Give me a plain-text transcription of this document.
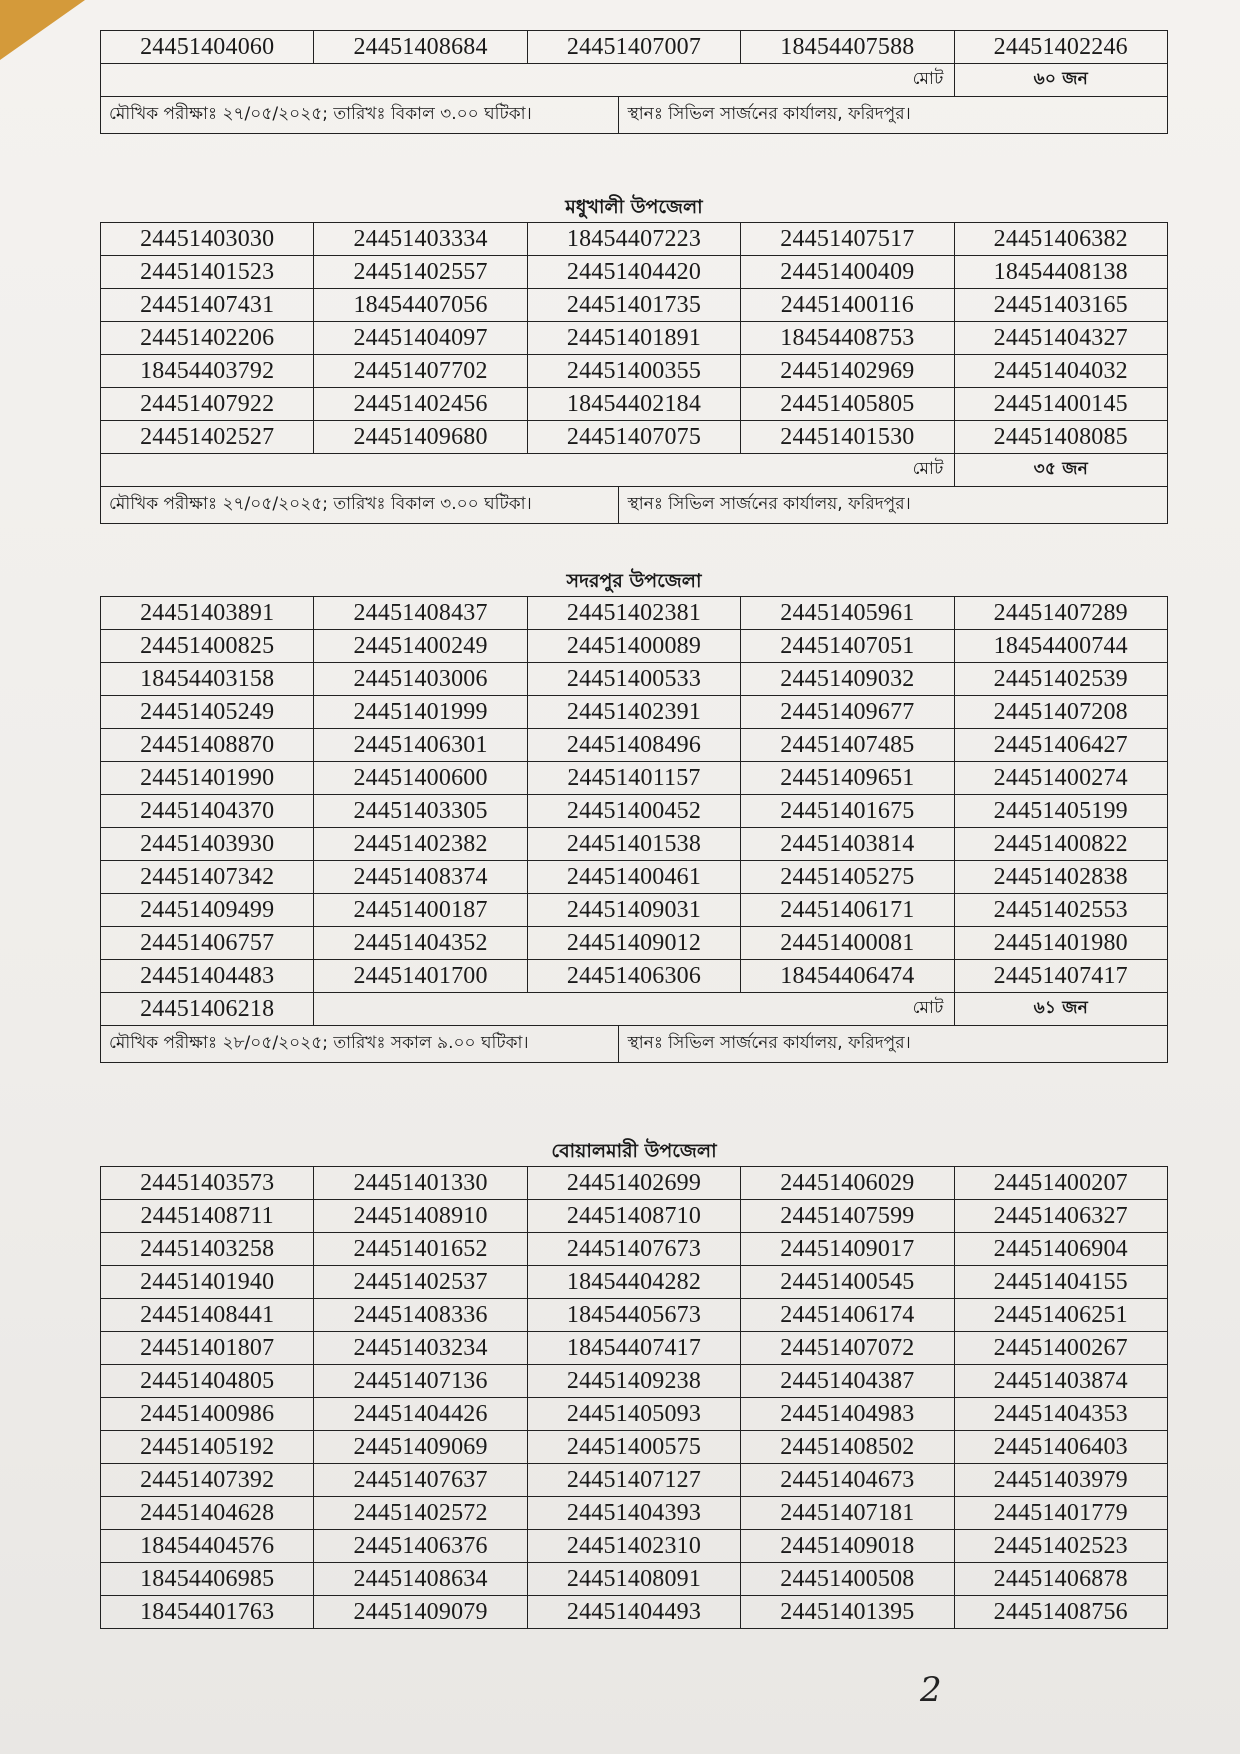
24451404060	24451408684	24451407007	18454407588	24451402246
মোট				৬০ জন
মৌখিক পরীক্ষাঃ ২৭/০৫/২০২৫; তারিখঃ বিকাল ৩.০০ ঘটিকা।	স্থানঃ সিভিল সার্জনের কার্যালয়, ফরিদপুর।
মধুখালী উপজেলা
24451403030	24451403334	18454407223	24451407517	24451406382
24451401523	24451402557	24451404420	24451400409	18454408138
24451407431	18454407056	24451401735	24451400116	24451403165
24451402206	24451404097	24451401891	18454408753	24451404327
18454403792	24451407702	24451400355	24451402969	24451404032
24451407922	24451402456	18454402184	24451405805	24451400145
24451402527	24451409680	24451407075	24451401530	24451408085
মোট				৩৫ জন
মৌখিক পরীক্ষাঃ ২৭/০৫/২০২৫; তারিখঃ বিকাল ৩.০০ ঘটিকা।	স্থানঃ সিভিল সার্জনের কার্যালয়, ফরিদপুর।
সদরপুর উপজেলা
24451403891	24451408437	24451402381	24451405961	24451407289
24451400825	24451400249	24451400089	24451407051	18454400744
18454403158	24451403006	24451400533	24451409032	24451402539
24451405249	24451401999	24451402391	24451409677	24451407208
24451408870	24451406301	24451408496	24451407485	24451406427
24451401990	24451400600	24451401157	24451409651	24451400274
24451404370	24451403305	24451400452	24451401675	24451405199
24451403930	24451402382	24451401538	24451403814	24451400822
24451407342	24451408374	24451400461	24451405275	24451402838
24451409499	24451400187	24451409031	24451406171	24451402553
24451406757	24451404352	24451409012	24451400081	24451401980
24451404483	24451401700	24451406306	18454406474	24451407417
24451406218	মোট			৬১ জন
মৌখিক পরীক্ষাঃ ২৮/০৫/২০২৫; তারিখঃ সকাল ৯.০০ ঘটিকা।	স্থানঃ সিভিল সার্জনের কার্যালয়, ফরিদপুর।
বোয়ালমারী উপজেলা
24451403573	24451401330	24451402699	24451406029	24451400207
24451408711	24451408910	24451408710	24451407599	24451406327
24451403258	24451401652	24451407673	24451409017	24451406904
24451401940	24451402537	18454404282	24451400545	24451404155
24451408441	24451408336	18454405673	24451406174	24451406251
24451401807	24451403234	18454407417	24451407072	24451400267
24451404805	24451407136	24451409238	24451404387	24451403874
24451400986	24451404426	24451405093	24451404983	24451404353
24451405192	24451409069	24451400575	24451408502	24451406403
24451407392	24451407637	24451407127	24451404673	24451403979
24451404628	24451402572	24451404393	24451407181	24451401779
18454404576	24451406376	24451402310	24451409018	24451402523
18454406985	24451408634	24451408091	24451400508	24451406878
18454401763	24451409079	24451404493	24451401395	24451408756
2
